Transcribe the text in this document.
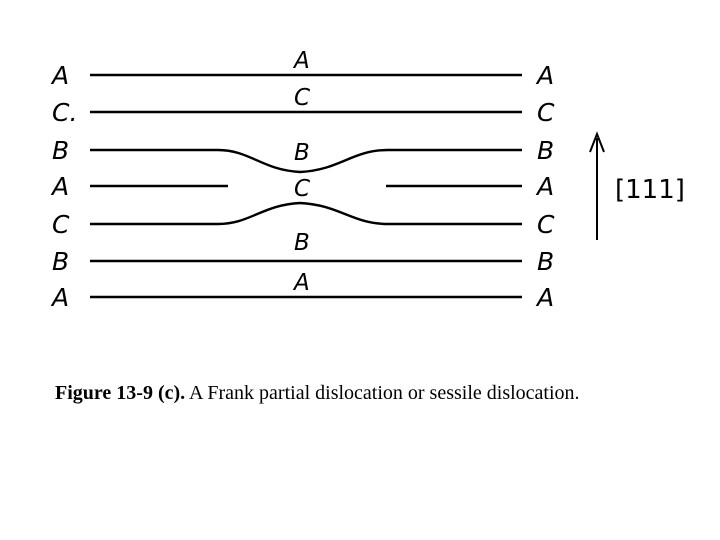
A
C.
B
A
C
B
A
A
C
B
A
C
B
A
A
C
B
C
B
A
[111]
Figure 13-9 (c). A Frank partial dislocation or sessile dislocation.
